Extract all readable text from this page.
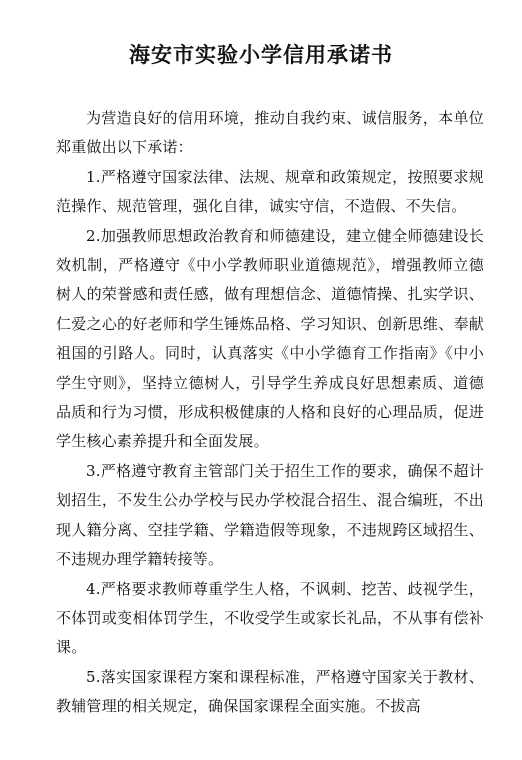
海安市实验小学信用承诺书

为营造良好的信用环境，推动自我约束、诚信服务，本单位郑重做出以下承诺：

1.严格遵守国家法律、法规、规章和政策规定，按照要求规范操作、规范管理，强化自律，诚实守信，不造假、不失信。

2.加强教师思想政治教育和师德建设，建立健全师德建设长效机制，严格遵守《中小学教师职业道德规范》，增强教师立德树人的荣誉感和责任感，做有理想信念、道德情操、扎实学识、仁爱之心的好老师和学生锤炼品格、学习知识、创新思维、奉献祖国的引路人。同时，认真落实《中小学德育工作指南》《中小学生守则》，坚持立德树人，引导学生养成良好思想素质、道德品质和行为习惯，形成积极健康的人格和良好的心理品质，促进学生核心素养提升和全面发展。

3.严格遵守教育主管部门关于招生工作的要求，确保不超计划招生，不发生公办学校与民办学校混合招生、混合编班，不出现人籍分离、空挂学籍、学籍造假等现象，不违规跨区域招生、不违规办理学籍转接等。

4.严格要求教师尊重学生人格，不讽刺、挖苦、歧视学生，不体罚或变相体罚学生，不收受学生或家长礼品，不从事有偿补课。

5.落实国家课程方案和课程标准，严格遵守国家关于教材、教辅管理的相关规定，确保国家课程全面实施。不拔高
